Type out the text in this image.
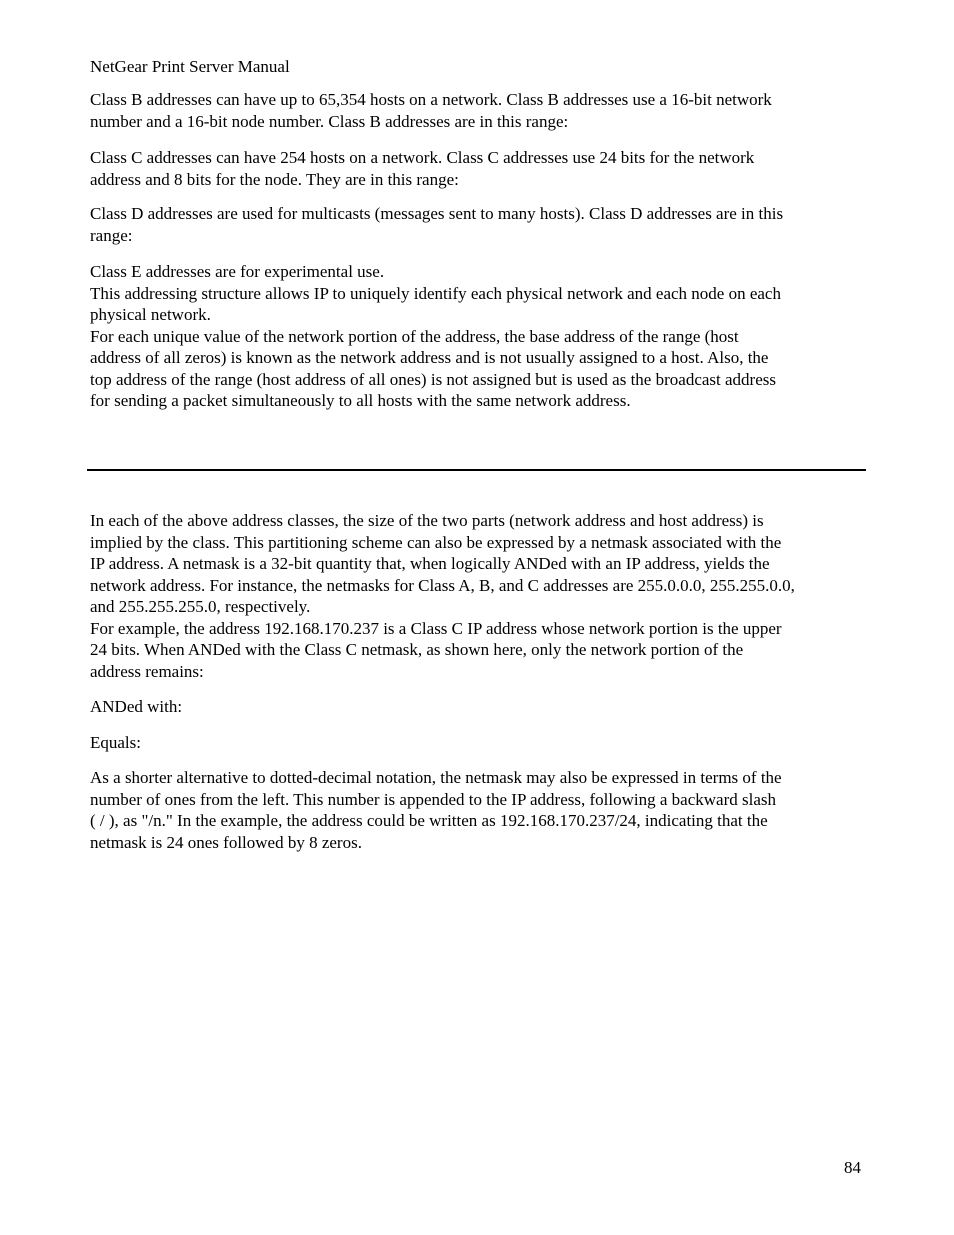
NetGear Print Server Manual
Class B addresses can have up to 65,354 hosts on a network. Class B addresses use a 16-bit network
number and a 16-bit node number. Class B addresses are in this range:
Class C addresses can have 254 hosts on a network. Class C addresses use 24 bits for the network
address and 8 bits for the node. They are in this range:
Class D addresses are used for multicasts (messages sent to many hosts). Class D addresses are in this
range:
Class E addresses are for experimental use.
This addressing structure allows IP to uniquely identify each physical network and each node on each
physical network.
For each unique value of the network portion of the address, the base address of the range (host
address of all zeros) is known as the network address and is not usually assigned to a host. Also, the
top address of the range (host address of all ones) is not assigned but is used as the broadcast address
for sending a packet simultaneously to all hosts with the same network address.
In each of the above address classes, the size of the two parts (network address and host address) is
implied by the class. This partitioning scheme can also be expressed by a netmask associated with the
IP address. A netmask is a 32-bit quantity that, when logically ANDed with an IP address, yields the
network address. For instance, the netmasks for Class A, B, and C addresses are 255.0.0.0, 255.255.0.0,
and 255.255.255.0, respectively.
For example, the address 192.168.170.237 is a Class C IP address whose network portion is the upper
24 bits. When ANDed with the Class C netmask, as shown here, only the network portion of the
address remains:
ANDed with:
Equals:
As a shorter alternative to dotted-decimal notation, the netmask may also be expressed in terms of the
number of ones from the left. This number is appended to the IP address, following a backward slash
( / ), as "/n." In the example, the address could be written as 192.168.170.237/24, indicating that the
netmask is 24 ones followed by 8 zeros.
84
